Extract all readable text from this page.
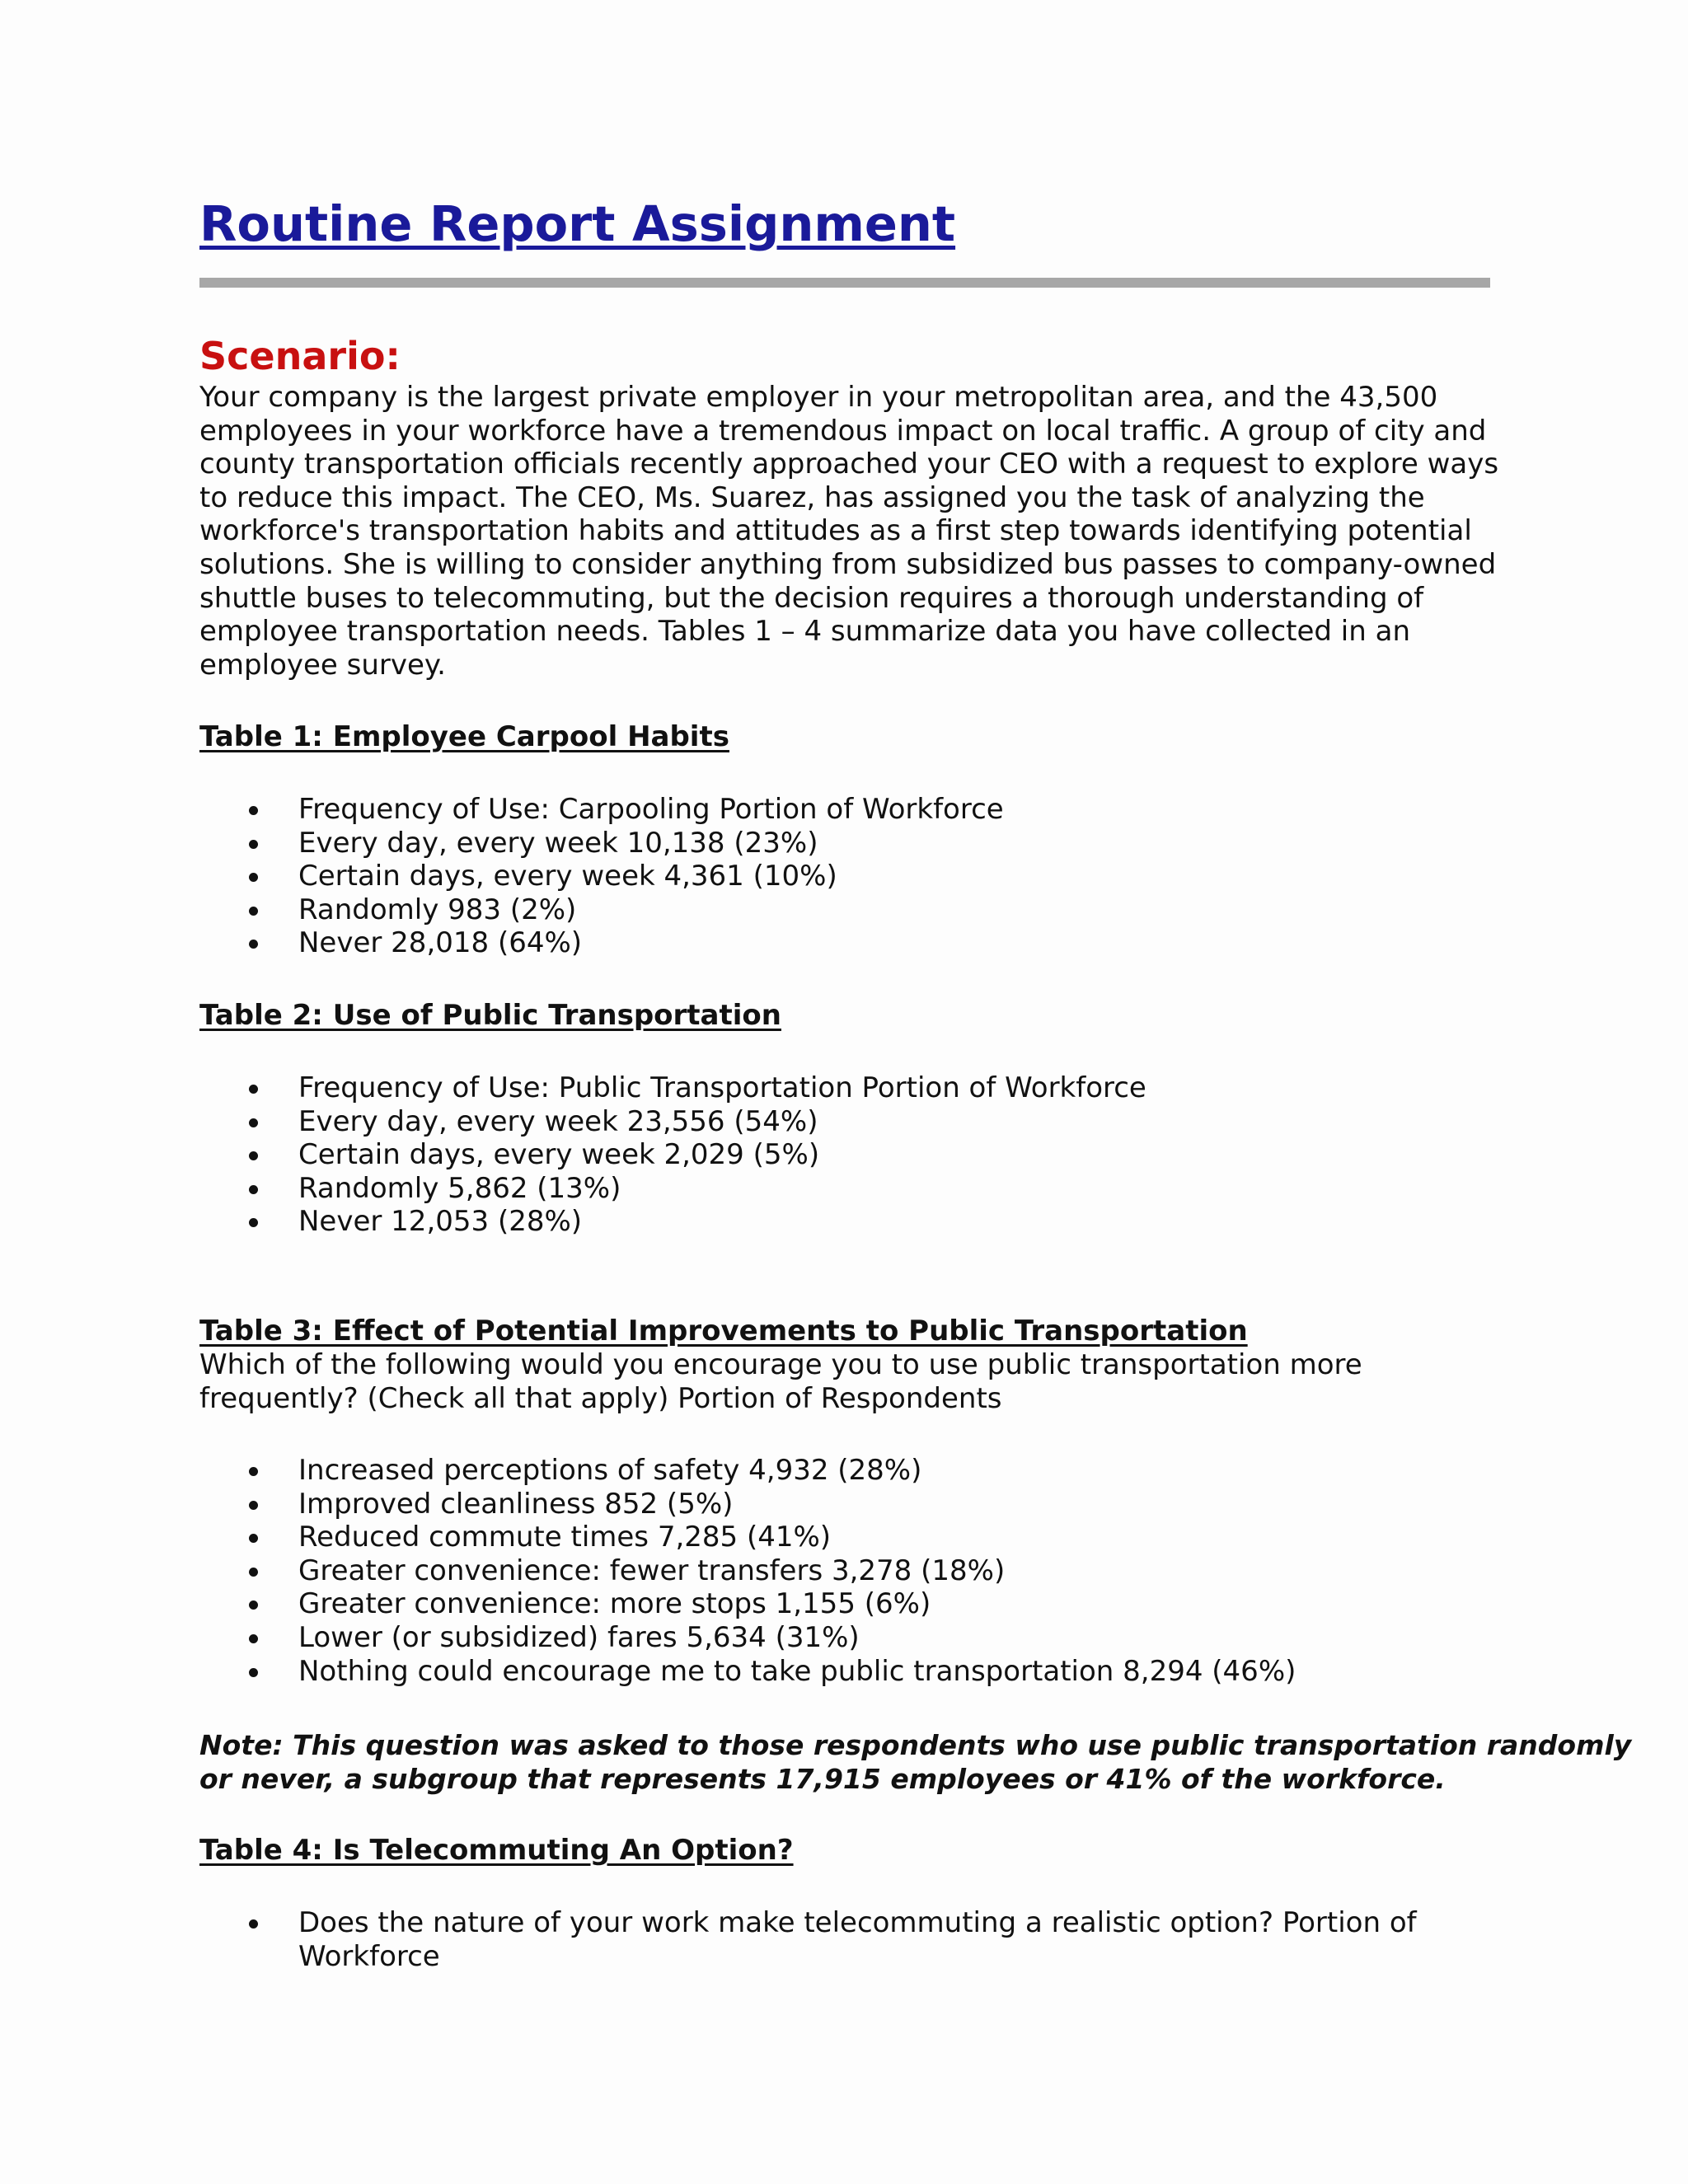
Routine Report Assignment
Scenario:
Your company is the largest private employer in your metropolitan area, and the 43,500
employees in your workforce have a tremendous impact on local traffic. A group of city and
county transportation officials recently approached your CEO with a request to explore ways
to reduce this impact. The CEO, Ms. Suarez, has assigned you the task of analyzing the
workforce's transportation habits and attitudes as a first step towards identifying potential
solutions. She is willing to consider anything from subsidized bus passes to company-owned
shuttle buses to telecommuting, but the decision requires a thorough understanding of
employee transportation needs. Tables 1 – 4 summarize data you have collected in an
employee survey.
Table 1: Employee Carpool Habits
Frequency of Use: Carpooling Portion of Workforce
Every day, every week 10,138 (23%)
Certain days, every week 4,361 (10%)
Randomly 983 (2%)
Never 28,018 (64%)
Table 2: Use of Public Transportation
Frequency of Use: Public Transportation Portion of Workforce
Every day, every week 23,556 (54%)
Certain days, every week 2,029 (5%)
Randomly 5,862 (13%)
Never 12,053 (28%)
Table 3: Effect of Potential Improvements to Public Transportation
Which of the following would you encourage you to use public transportation more
frequently? (Check all that apply) Portion of Respondents
Increased perceptions of safety 4,932 (28%)
Improved cleanliness 852 (5%)
Reduced commute times 7,285 (41%)
Greater convenience: fewer transfers 3,278 (18%)
Greater convenience: more stops 1,155 (6%)
Lower (or subsidized) fares 5,634 (31%)
Nothing could encourage me to take public transportation 8,294 (46%)
Note: This question was asked to those respondents who use public transportation randomly
or never, a subgroup that represents 17,915 employees or 41% of the workforce.
Table 4: Is Telecommuting An Option?
Does the nature of your work make telecommuting a realistic option? Portion of
Workforce
